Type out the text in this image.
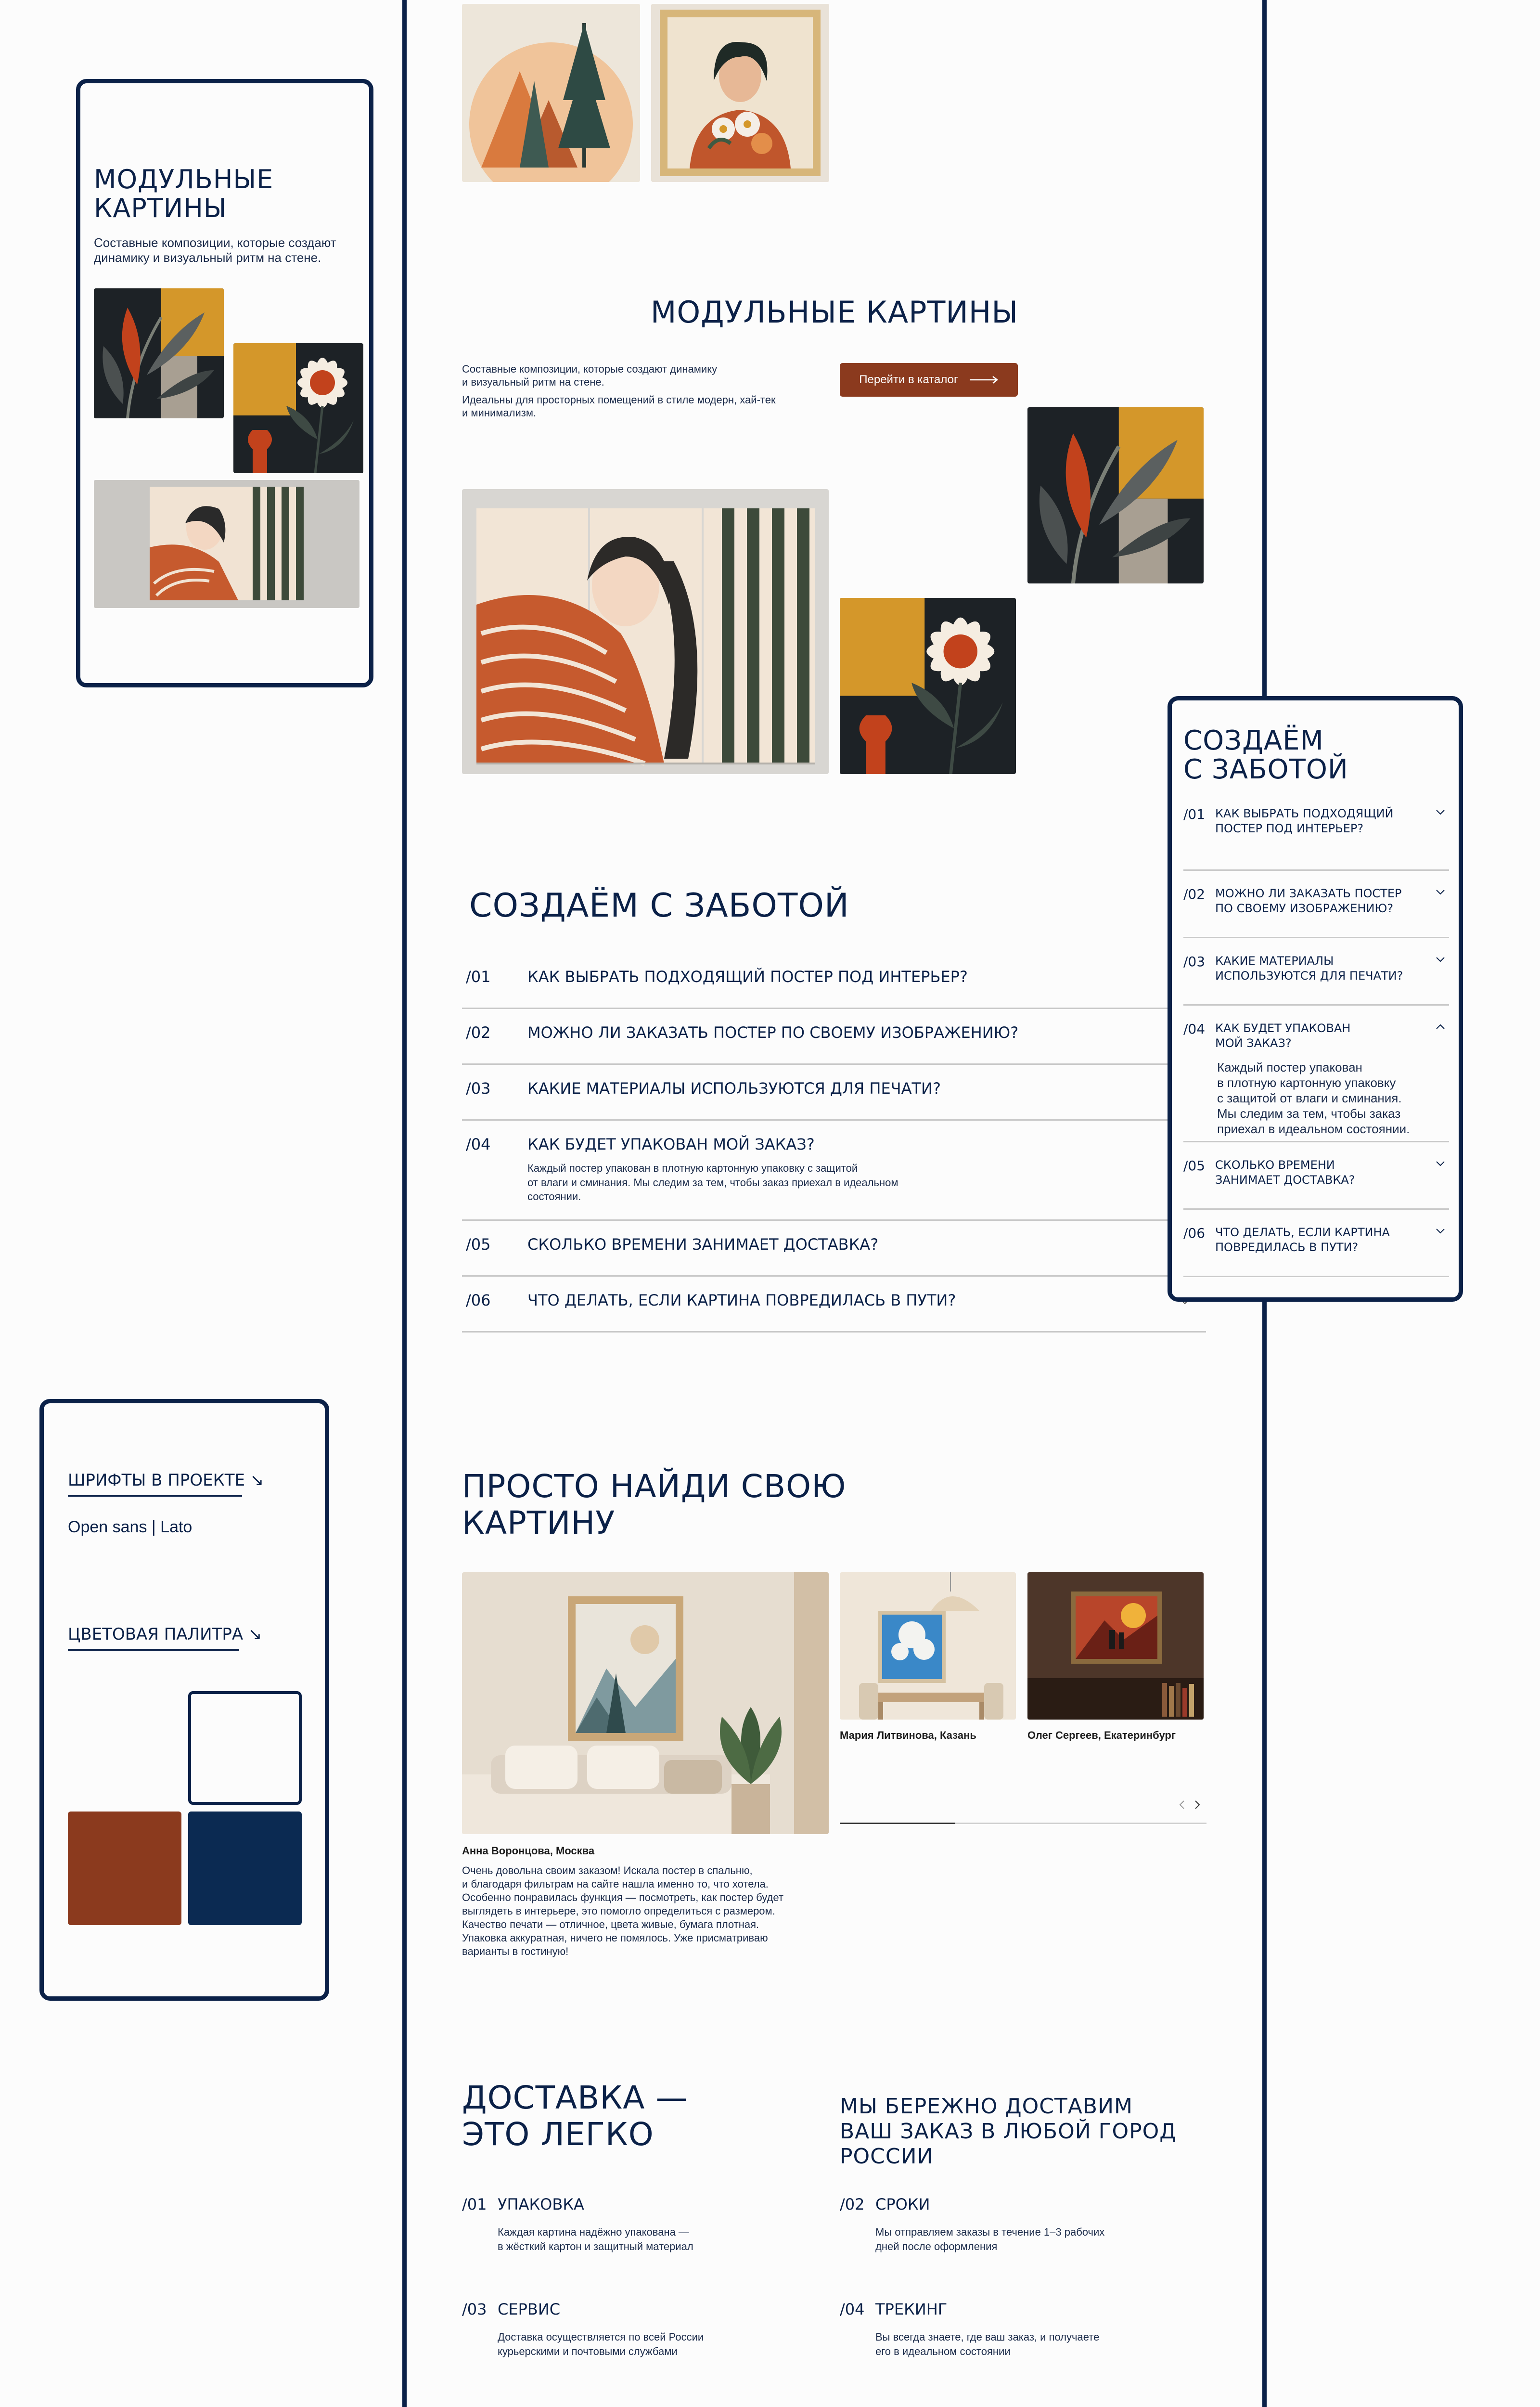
МОДУЛЬНЫЕ
КАРТИНЫ
Составные композиции, которые создают динамику и визуальный ритм на стене.
ШРИФТЫ В ПРОЕКТЕ ↘
Open sans | Lato
ЦВЕТОВАЯ ПАЛИТРА ↘
МОДУЛЬНЫЕ КАРТИНЫ
Составные композиции, которые создают динамику
и визуальный ритм на стене.
Идеальны для просторных помещений в стиле модерн, хай-тек
и минимализм.
Перейти в каталог
СОЗДАЁМ С ЗАБОТОЙ
/01 КАК ВЫБРАТЬ ПОДХОДЯЩИЙ ПОСТЕР ПОД ИНТЕРЬЕР?
/02 МОЖНО ЛИ ЗАКАЗАТЬ ПОСТЕР ПО СВОЕМУ ИЗОБРАЖЕНИЮ?
/03 КАКИЕ МАТЕРИАЛЫ ИСПОЛЬЗУЮТСЯ ДЛЯ ПЕЧАТИ?
/04 КАК БУДЕТ УПАКОВАН МОЙ ЗАКАЗ?
Каждый постер упакован в плотную картонную упаковку с защитой
от влаги и сминания. Мы следим за тем, чтобы заказ приехал в идеальном
состоянии.
/05 СКОЛЬКО ВРЕМЕНИ ЗАНИМАЕТ ДОСТАВКА?
/06 ЧТО ДЕЛАТЬ, ЕСЛИ КАРТИНА ПОВРЕДИЛАСЬ В ПУТИ?
ПРОСТО НАЙДИ СВОЮ
КАРТИНУ
Анна Воронцова, Москва
Очень довольна своим заказом! Искала постер в спальню,
и благодаря фильтрам на сайте нашла именно то, что хотела.
Особенно понравилась функция — посмотреть, как постер будет
выглядеть в интерьере, это помогло определиться с размером.
Качество печати — отличное, цвета живые, бумага плотная.
Упаковка аккуратная, ничего не помялось. Уже присматриваю
варианты в гостиную!
Мария Литвинова, Казань	Олег Сергеев, Екатеринбург
ДОСТАВКА —
ЭТО ЛЕГКО
МЫ БЕРЕЖНО ДОСТАВИМ
ВАШ ЗАКАЗ В ЛЮБОЙ ГОРОД
РОССИИ
/01 УПАКОВКА
Каждая картина надёжно упакована —
в жёсткий картон и защитный материал
/02 СРОКИ
Мы отправляем заказы в течение 1–3 рабочих
дней после оформления
/03 СЕРВИС
Доставка осуществляется по всей России
курьерскими и почтовыми службами
/04 ТРЕКИНГ
Вы всегда знаете, где ваш заказ, и получаете
его в идеальном состоянии
СОЗДАЁМ
С ЗАБОТОЙ
/01 КАК ВЫБРАТЬ ПОДХОДЯЩИЙ
ПОСТЕР ПОД ИНТЕРЬЕР?
/02 МОЖНО ЛИ ЗАКАЗАТЬ ПОСТЕР
ПО СВОЕМУ ИЗОБРАЖЕНИЮ?
/03 КАКИЕ МАТЕРИАЛЫ
ИСПОЛЬЗУЮТСЯ ДЛЯ ПЕЧАТИ?
/04 КАК БУДЕТ УПАКОВАН
МОЙ ЗАКАЗ?
Каждый постер упакован
в плотную картонную упаковку
с защитой от влаги и сминания.
Мы следим за тем, чтобы заказ
приехал в идеальном состоянии.
/05 СКОЛЬКО ВРЕМЕНИ
ЗАНИМАЕТ ДОСТАВКА?
/06 ЧТО ДЕЛАТЬ, ЕСЛИ КАРТИНА
ПОВРЕДИЛАСЬ В ПУТИ?
